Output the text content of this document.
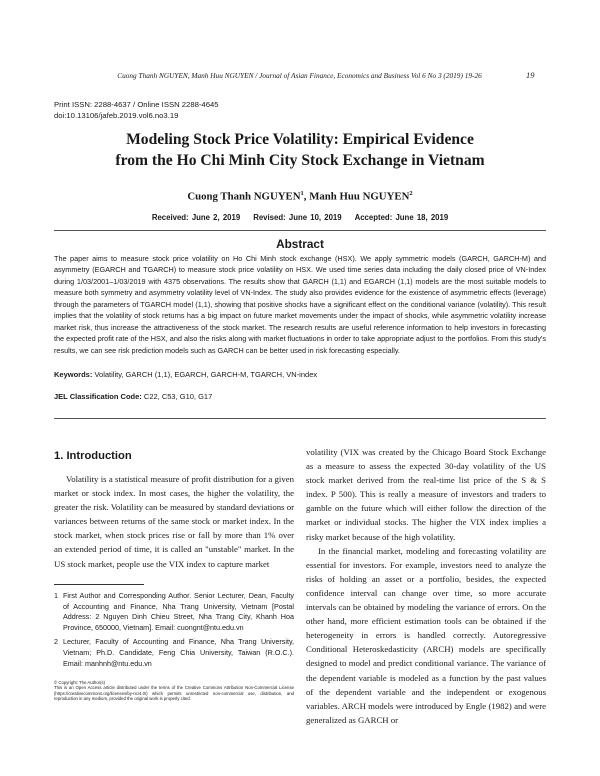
Cuong Thanh NGUYEN, Manh Huu NGUYEN / Journal of Asian Finance, Economics and Business Vol 6 No 3 (2019) 19-26	19
Print ISSN: 2288-4637 / Online ISSN 2288-4645
doi:10.13106/jafeb.2019.vol6.no3.19
Modeling Stock Price Volatility: Empirical Evidence
from the Ho Chi Minh City Stock Exchange in Vietnam
Cuong Thanh NGUYEN$^1$, Manh Huu NGUYEN$^2$
Received: June 2, 2019 Revised: June 10, 2019 Accepted: June 18, 2019
Abstract
The paper aims to measure stock price volatility on Ho Chi Minh stock exchange (HSX). We apply symmetric models (GARCH, GARCH-M) and asymmetry (EGARCH and TGARCH) to measure stock price volatility on HSX. We used time series data including the daily closed price of VN-Index during 1/03/2001–1/03/2019 with 4375 observations. The results show that GARCH (1,1) and EGARCH (1,1) models are the most suitable models to measure both symmetry and asymmetry volatility level of VN-Index. The study also provides evidence for the existence of asymmetric effects (leverage) through the parameters of TGARCH model (1,1), showing that positive shocks have a significant effect on the conditional variance (volatility). This result implies that the volatility of stock returns has a big impact on future market movements under the impact of shocks, while asymmetric volatility increase market risk, thus increase the attractiveness of the stock market. The research results are useful reference information to help investors in forecasting the expected profit rate of the HSX, and also the risks along with market fluctuations in order to take appropriate adjust to the portfolios. From this study's results, we can see risk prediction models such as GARCH can be better used in risk forecasting especially.
Keywords: Volatility, GARCH (1,1), EGARCH, GARCH-M, TGARCH, VN-index
JEL Classification Code: C22, C53, G10, G17
1. Introduction

Volatility is a statistical measure of profit distribution for a given market or stock index. In most cases, the higher the volatility, the greater the risk. Volatility can be measured by standard deviations or variances between returns of the same stock or market index. In the stock market, when stock prices rise or fall by more than 1% over an extended period of time, it is called an "unstable" market. In the US stock market, people use the VIX index to capture market

volatility (VIX was created by the Chicago Board Stock Exchange as a measure to assess the expected 30-day volatility of the US stock market derived from the real-time list price of the S & S index. P 500). This is really a measure of investors and traders to gamble on the future which will either follow the direction of the market or individual stocks. The higher the VIX index implies a risky market because of the high volatility.

In the financial market, modeling and forecasting volatility are essential for investors. For example, investors need to analyze the risks of holding an asset or a portfolio, besides, the expected confidence interval can change over time, so more accurate intervals can be obtained by modeling the variance of errors. On the other hand, more efficient estimation tools can be obtained if the heterogeneity in errors is handled correctly. Autoregressive Conditional Heteroskedasticity (ARCH) models are specifically designed to model and predict conditional variance. The variance of the dependent variable is modeled as a function by the past values of the dependent variable and the independent or exogenous variables. ARCH models were introduced by Engle (1982) and were generalized as GARCH or

1 First Author and Corresponding Author. Senior Lecturer, Dean, Faculty of Accounting and Finance, Nha Trang University, Vietnam [Postal Address: 2 Nguyen Dinh Chieu Street, Nha Trang City, Khanh Hoa Province, 650000, Vietnam]. Email: cuongnt@ntu.edu.vn
2 Lecturer, Faculty of Accounting and Finance, Nha Trang University, Vietnam; Ph.D. Candidate, Feng Chia University, Taiwan (R.O.C.). Email: manhnh@ntu.edu.vn
© Copyright: The Author(s)
This is an Open Access article distributed under the terms of the Creative Commons Attribution Non-Commercial License (https://creativecommons.org/licenses/by-nc/4.0/) which permits unrestricted non-commercial use, distribution, and reproduction in any medium, provided the original work is properly cited.
